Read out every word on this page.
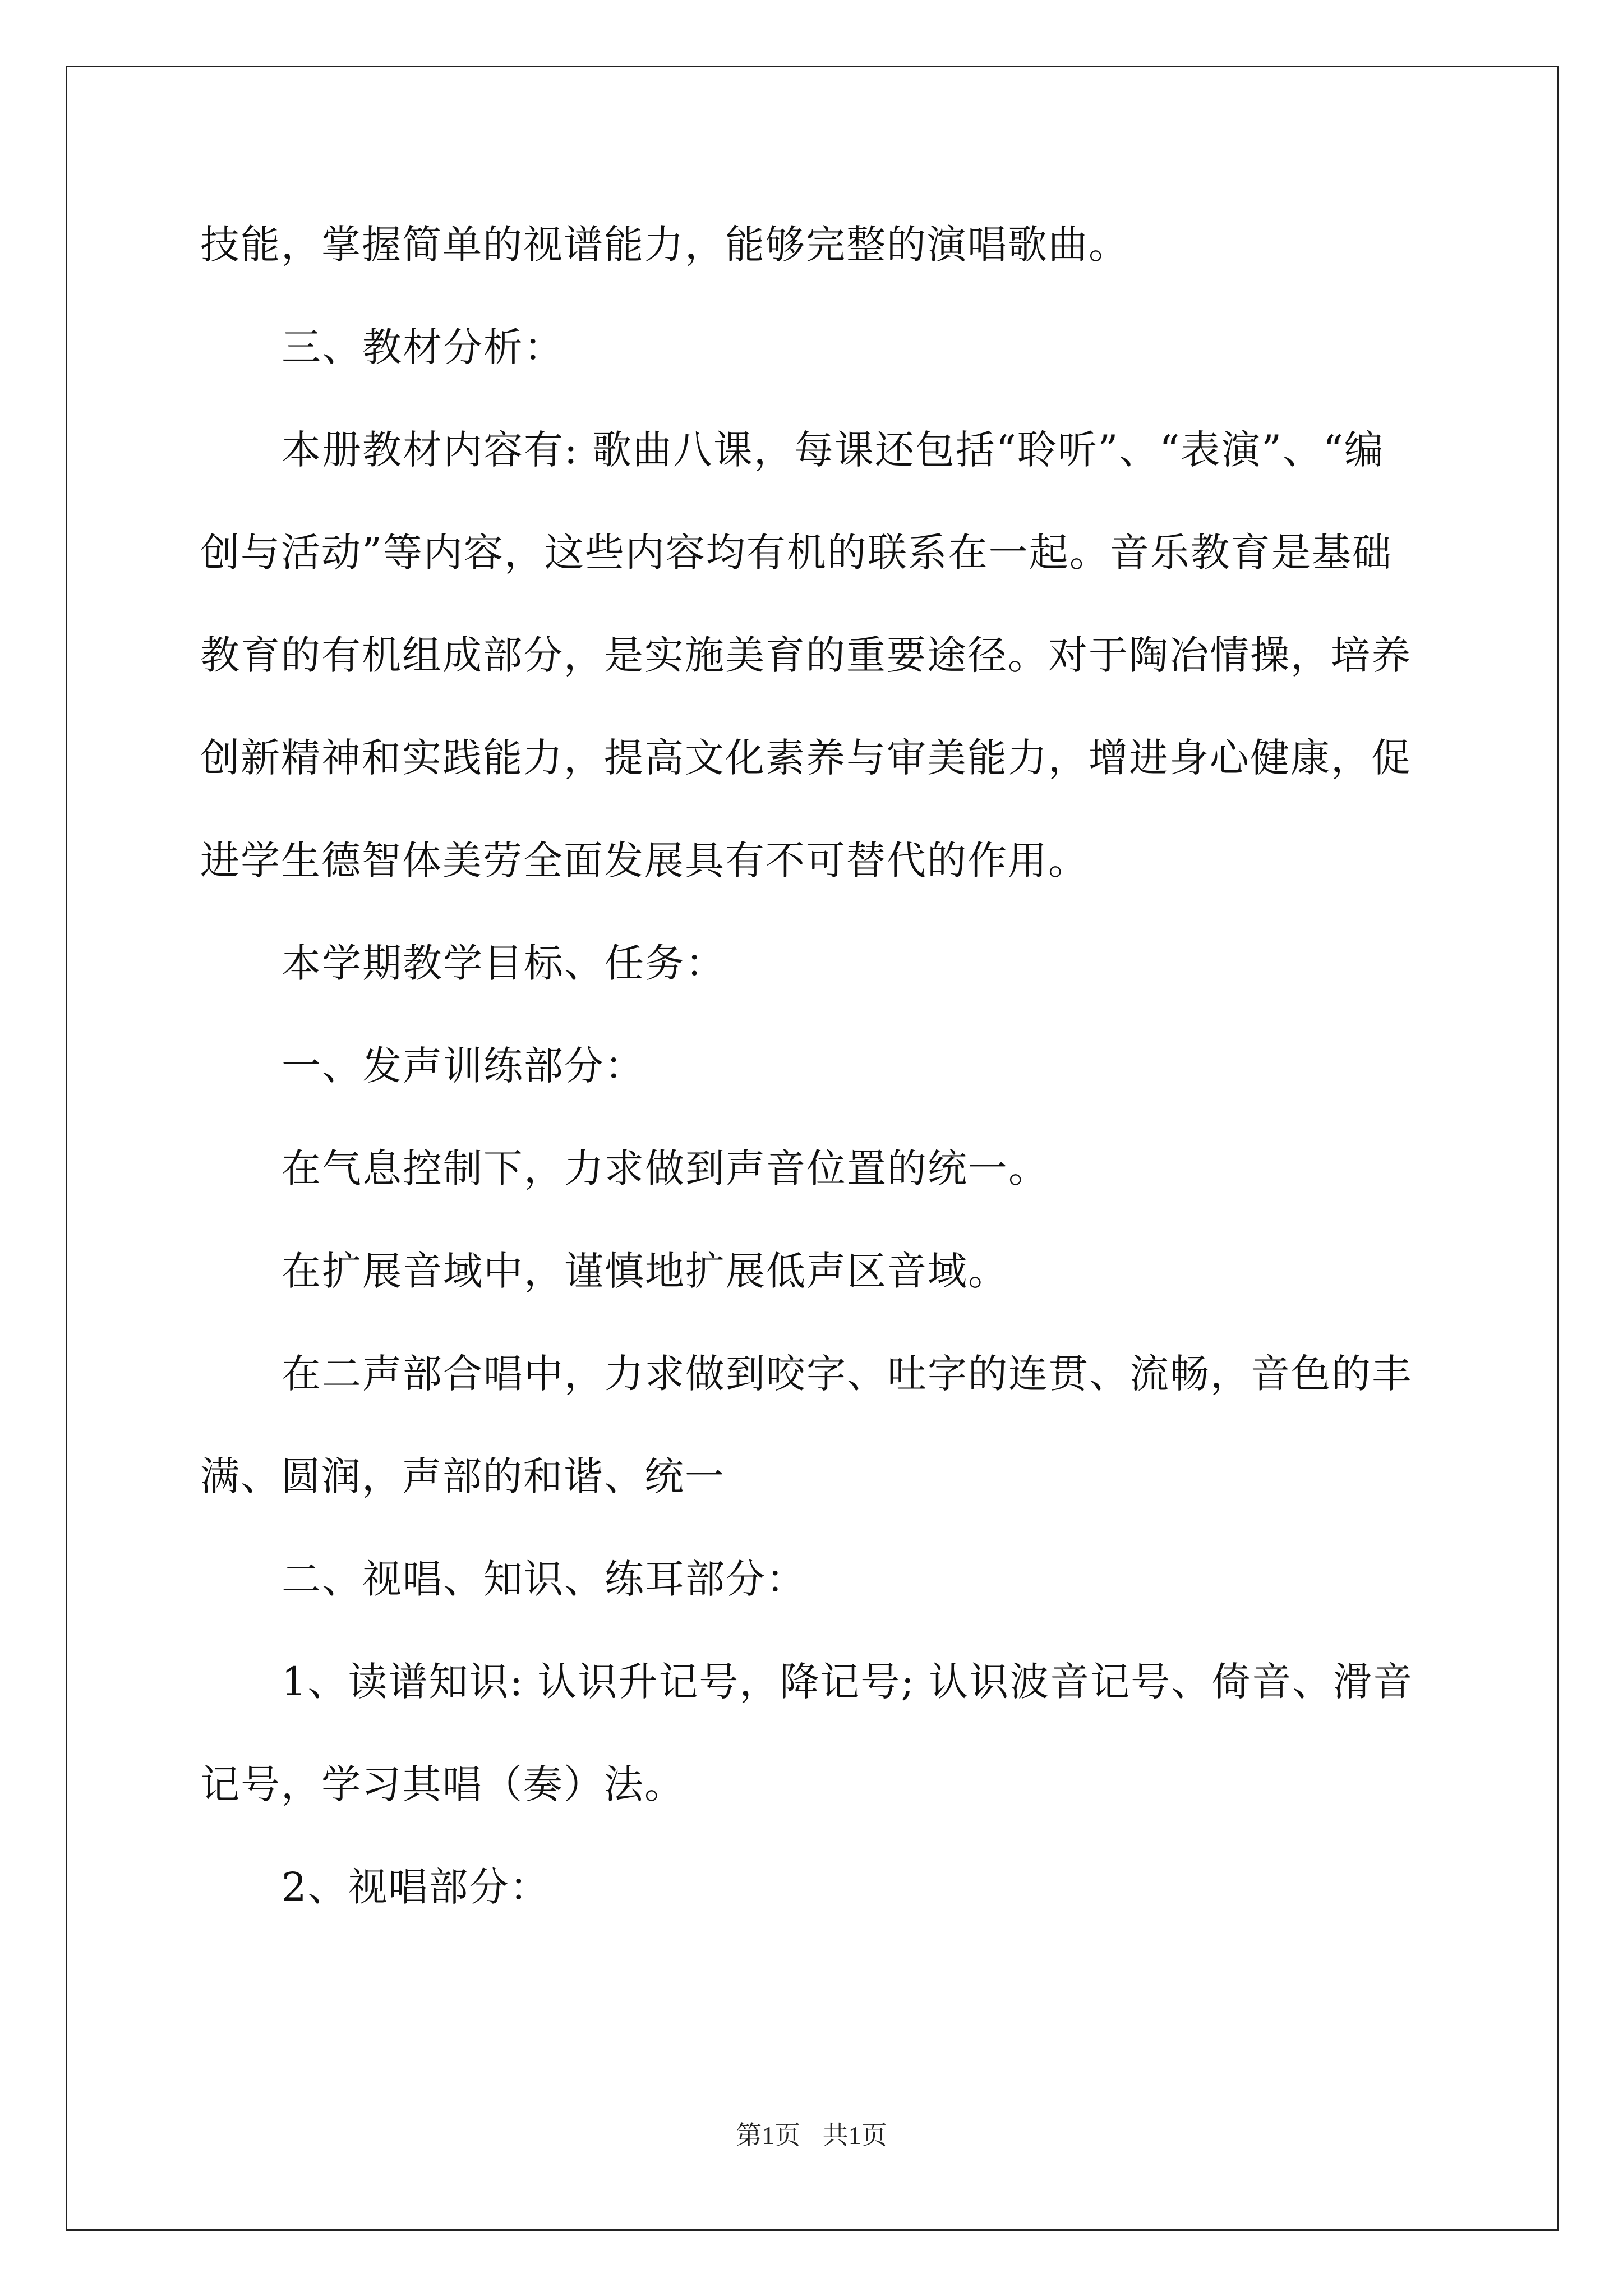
技能，掌握简单的视谱能力，能够完整的演唱歌曲。

三、教材分析：

本册教材内容有: 歌曲八课，每课还包括“聆听”、“表演”、“编创与活动”等内容，这些内容均有机的联系在一起。音乐教育是基础教育的有机组成部分，是实施美育的重要途径。对于陶冶情操，培养创新精神和实践能力，提高文化素养与审美能力，增进身心健康，促进学生德智体美劳全面发展具有不可替代的作用。

本学期教学目标、任务：

一、发声训练部分：

在气息控制下，力求做到声音位置的统一。

在扩展音域中，谨慎地扩展低声区音域。

在二声部合唱中，力求做到咬字、吐字的连贯、流畅，音色的丰满、圆润，声部的和谐、统一

二、视唱、知识、练耳部分：

1、读谱知识: 认识升记号，降记号; 认识波音记号、倚音、滑音记号，学习其唱（奏）法。

2、视唱部分：

第1页 共1页
